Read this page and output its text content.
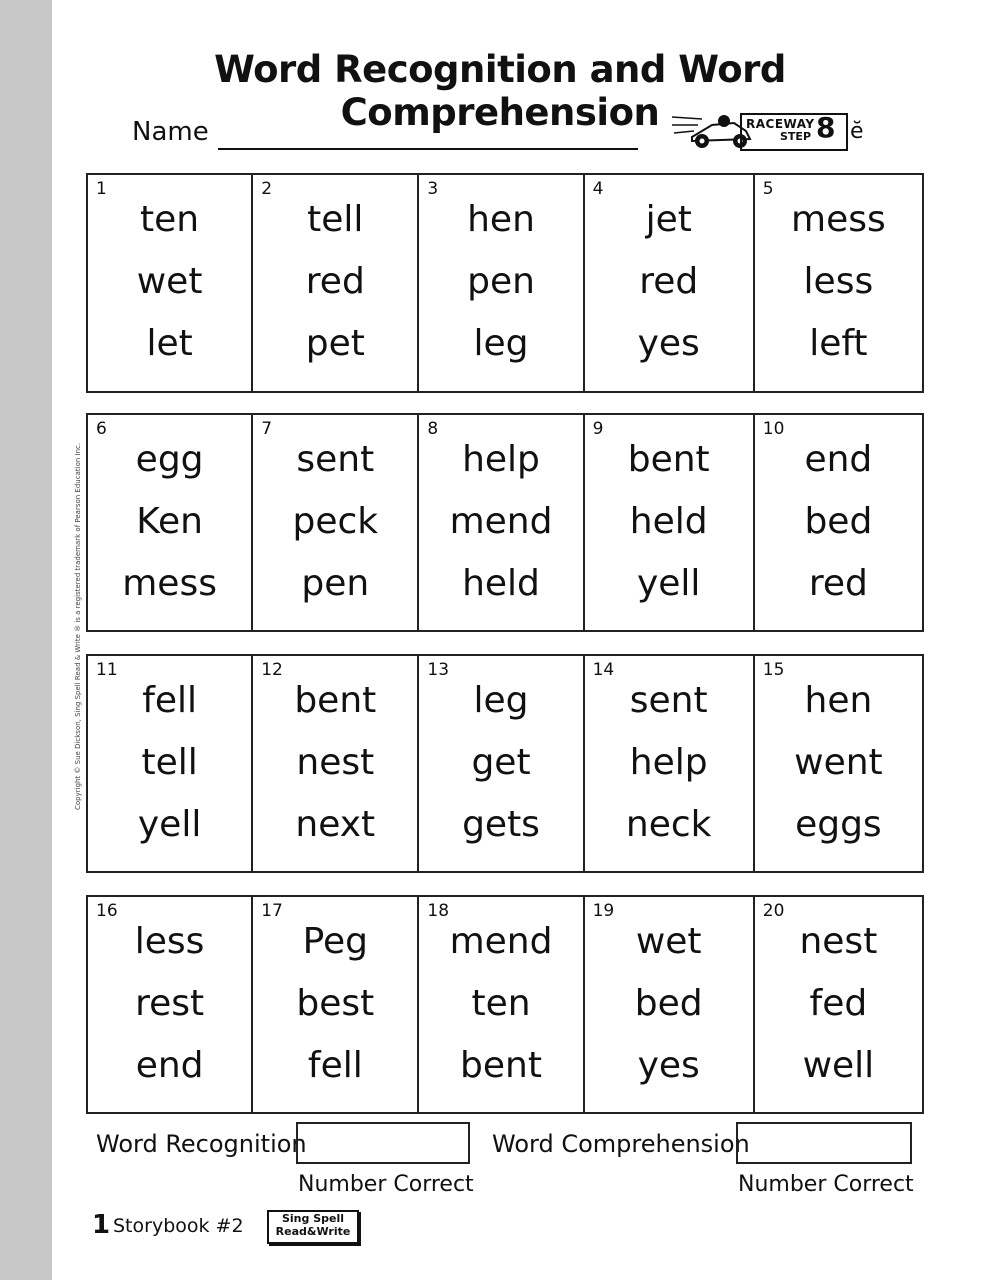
Word Recognition and Word Comprehension
Name	RACEWAY
STEP 8 ĕ
Copyright © Sue Dickson, Sing Spell Read & Write ® is a registered trademark of Pearson Education Inc.
1
ten
wet
let
2
tell
red
pet
3
hen
pen
leg
4
jet
red
yes
5
mess
less
left
6
egg
Ken
mess
7
sent
peck
pen
8
help
mend
held
9
bent
held
yell
10
end
bed
red
11
fell
tell
yell
12
bent
nest
next
13
leg
get
gets
14
sent
help
neck
15
hen
went
eggs
16
less
rest
end
17
Peg
best
fell
18
mend
ten
bent
19
wet
bed
yes
20
nest
fed
well
Word Recognition
Number Correct
Word Comprehension
Number Correct
1 Storybook #2	Sing Spell
Read&Write
